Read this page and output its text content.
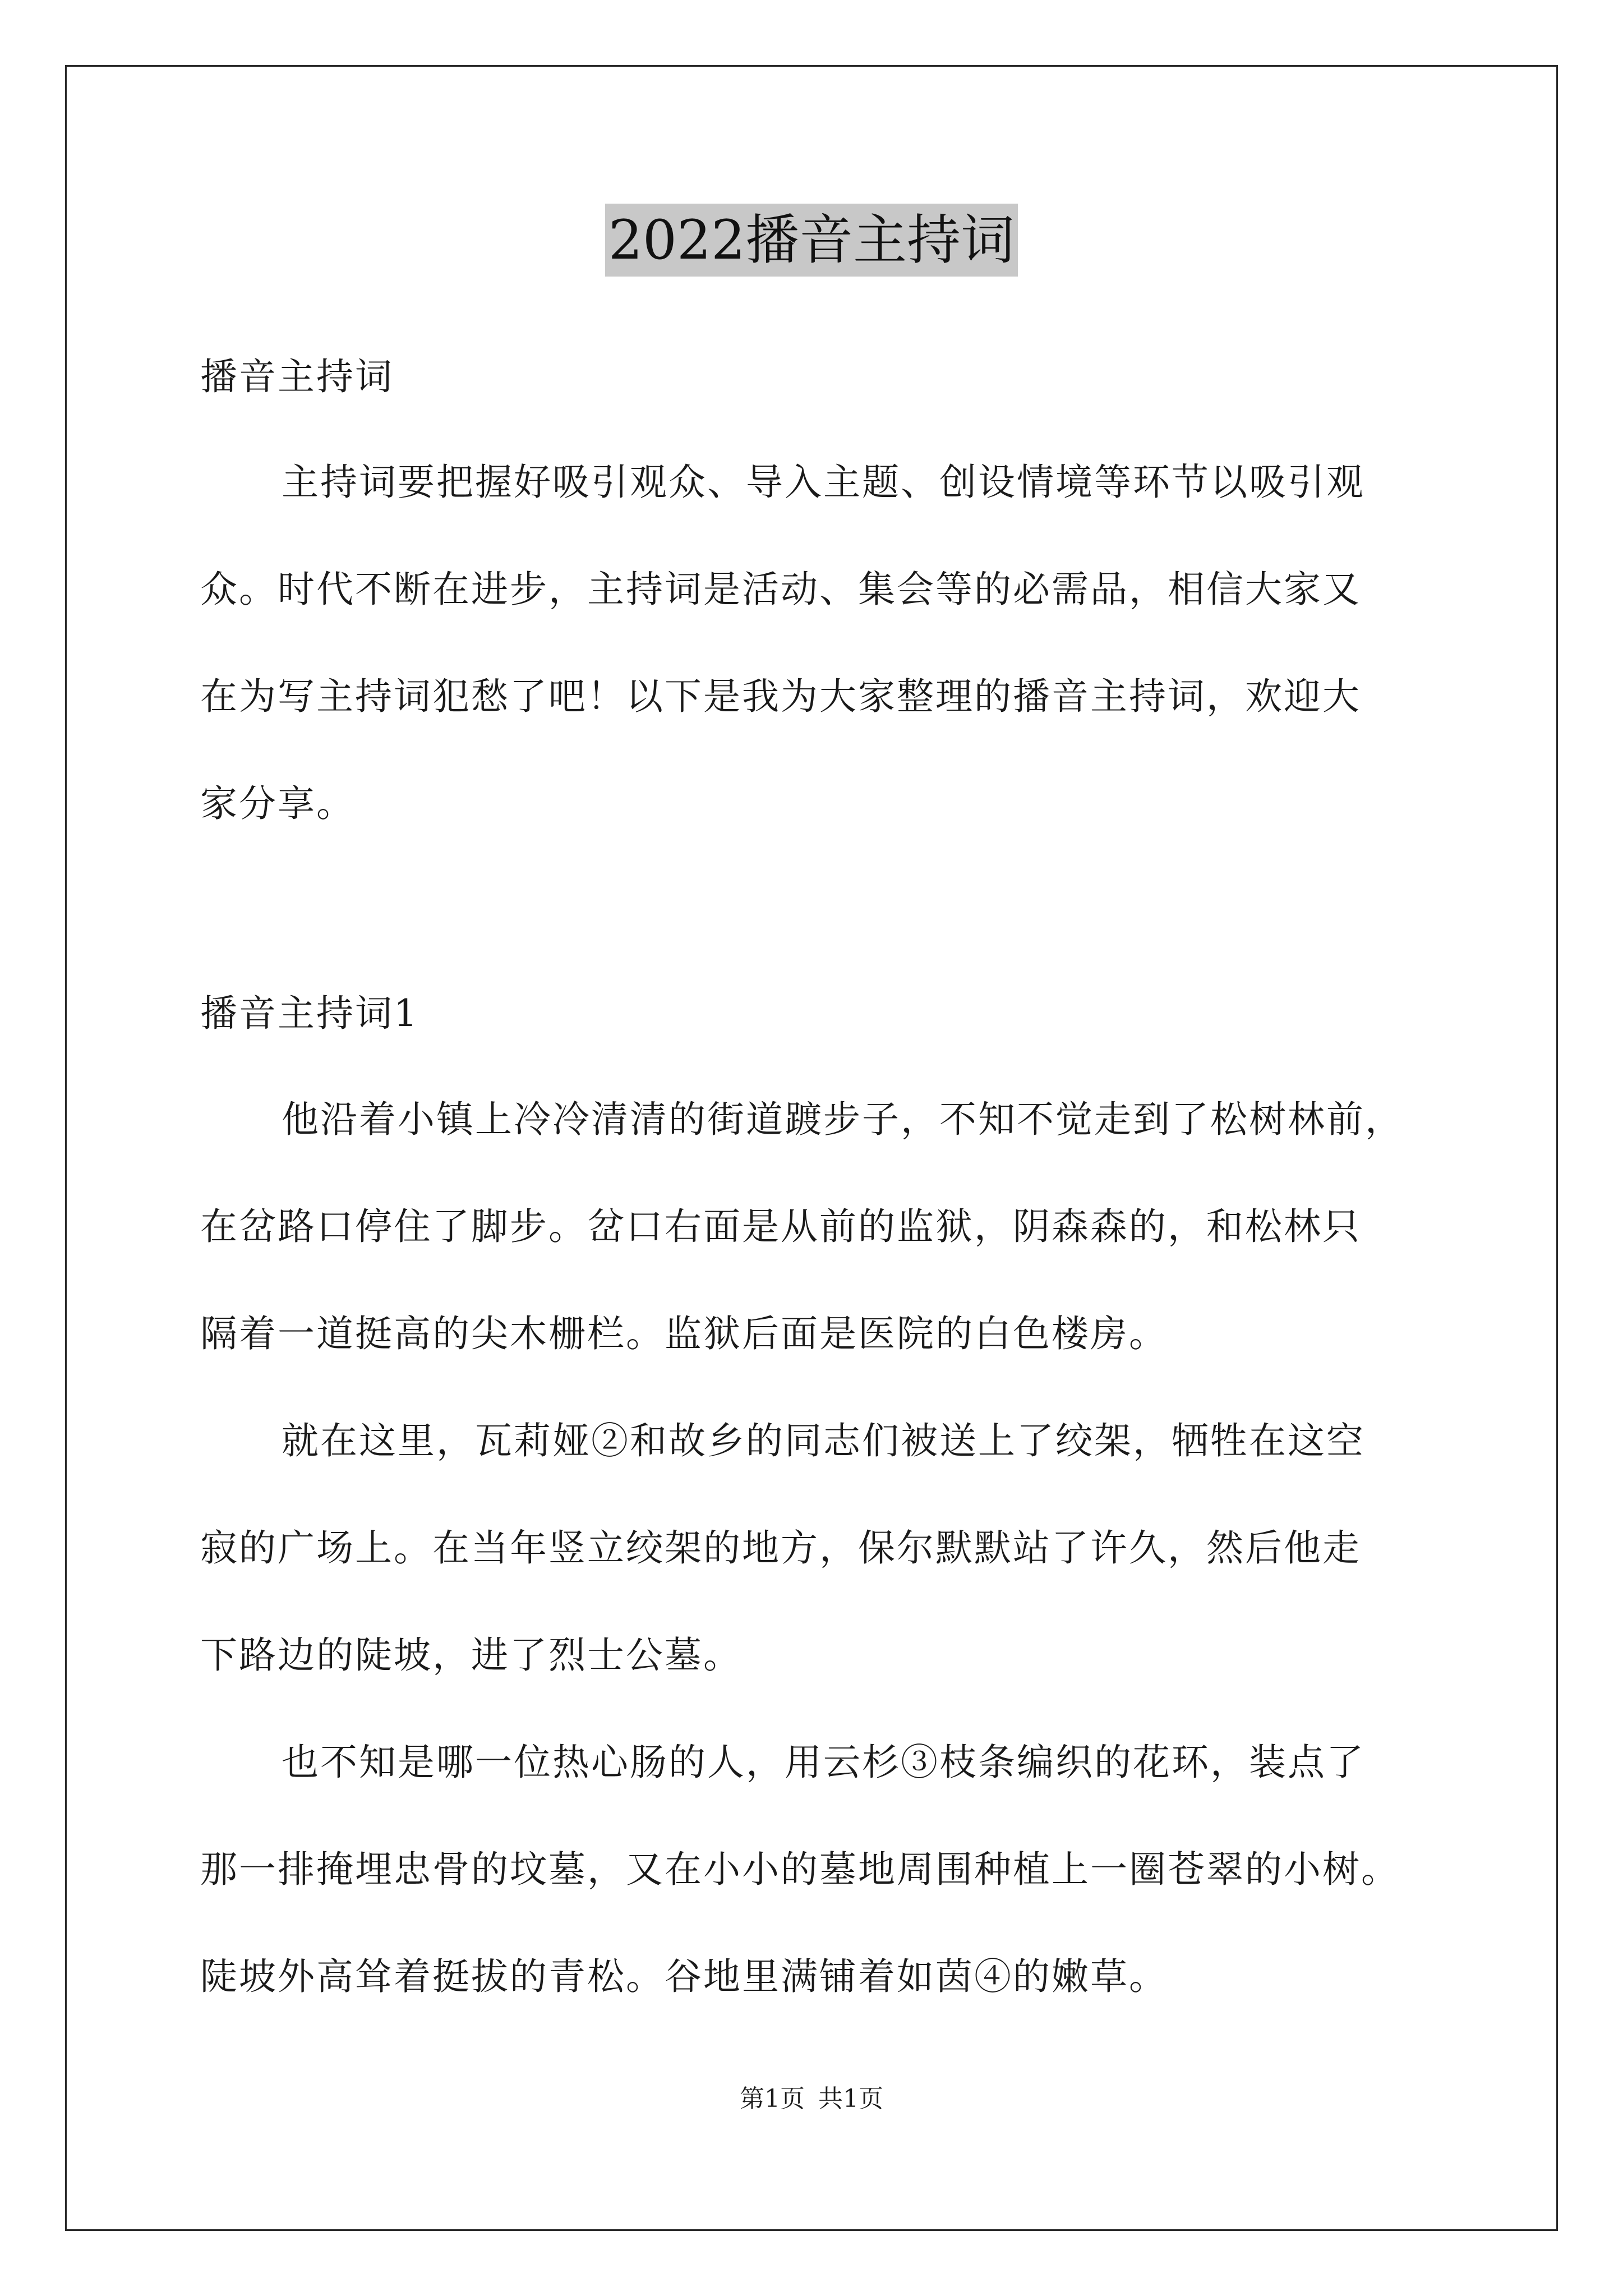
2022播音主持词
播音主持词
主持词要把握好吸引观众、导入主题、创设情境等环节以吸引观
众。时代不断在进步，主持词是活动、集会等的必需品，相信大家又
在为写主持词犯愁了吧！以下是我为大家整理的播音主持词，欢迎大
家分享。
播音主持词1
他沿着小镇上冷冷清清的街道踱步子，不知不觉走到了松树林前，
在岔路口停住了脚步。岔口右面是从前的监狱，阴森森的，和松林只
隔着一道挺高的尖木栅栏。监狱后面是医院的白色楼房。
就在这里，瓦莉娅②和故乡的同志们被送上了绞架，牺牲在这空
寂的广场上。在当年竖立绞架的地方，保尔默默站了许久，然后他走
下路边的陡坡，进了烈士公墓。
也不知是哪一位热心肠的人，用云杉③枝条编织的花环，装点了
那一排掩埋忠骨的坟墓，又在小小的墓地周围种植上一圈苍翠的小树。
陡坡外高耸着挺拔的青松。谷地里满铺着如茵④的嫩草。
第1页 共1页
